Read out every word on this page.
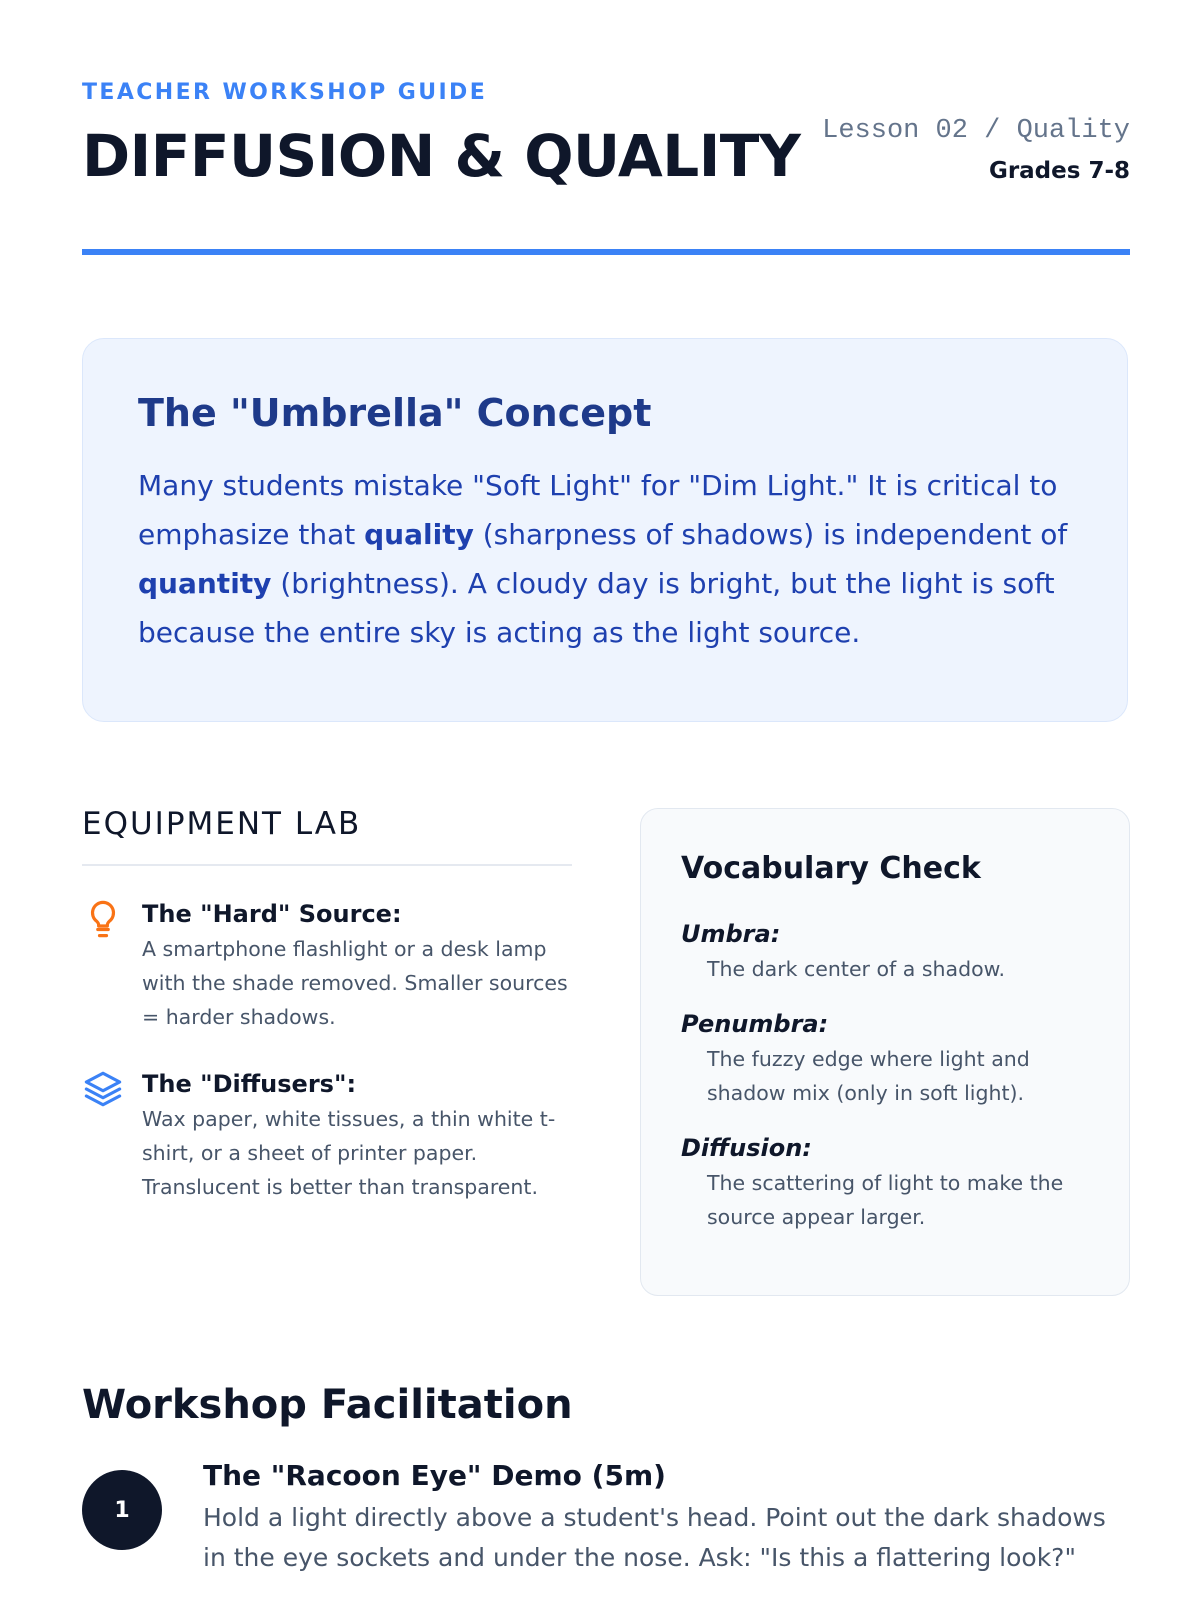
TEACHER WORKSHOP GUIDE
DIFFUSION & QUALITY Lesson 02 / Quality
Grades 7-8
The "Umbrella" Concept

Many students mistake "Soft Light" for "Dim Light." It is critical to emphasize that quality (sharpness of shadows) is independent of quantity (brightness). A cloudy day is bright, but the light is soft because the entire sky is acting as the light source.

EQUIPMENT LAB
The "Hard" Source:
A smartphone flashlight or a desk lamp with the shade removed. Smaller sources = harder shadows.
The "Diffusers":
Wax paper, white tissues, a thin white t-shirt, or a sheet of printer paper. Translucent is better than transparent.
Vocabulary Check
Umbra:
The dark center of a shadow.
Penumbra:
The fuzzy edge where light and shadow mix (only in soft light).
Diffusion:
The scattering of light to make the source appear larger.
Workshop Facilitation
1
The "Racoon Eye" Demo (5m)
Hold a light directly above a student's head. Point out the dark shadows in the eye sockets and under the nose. Ask: "Is this a flattering look?"
